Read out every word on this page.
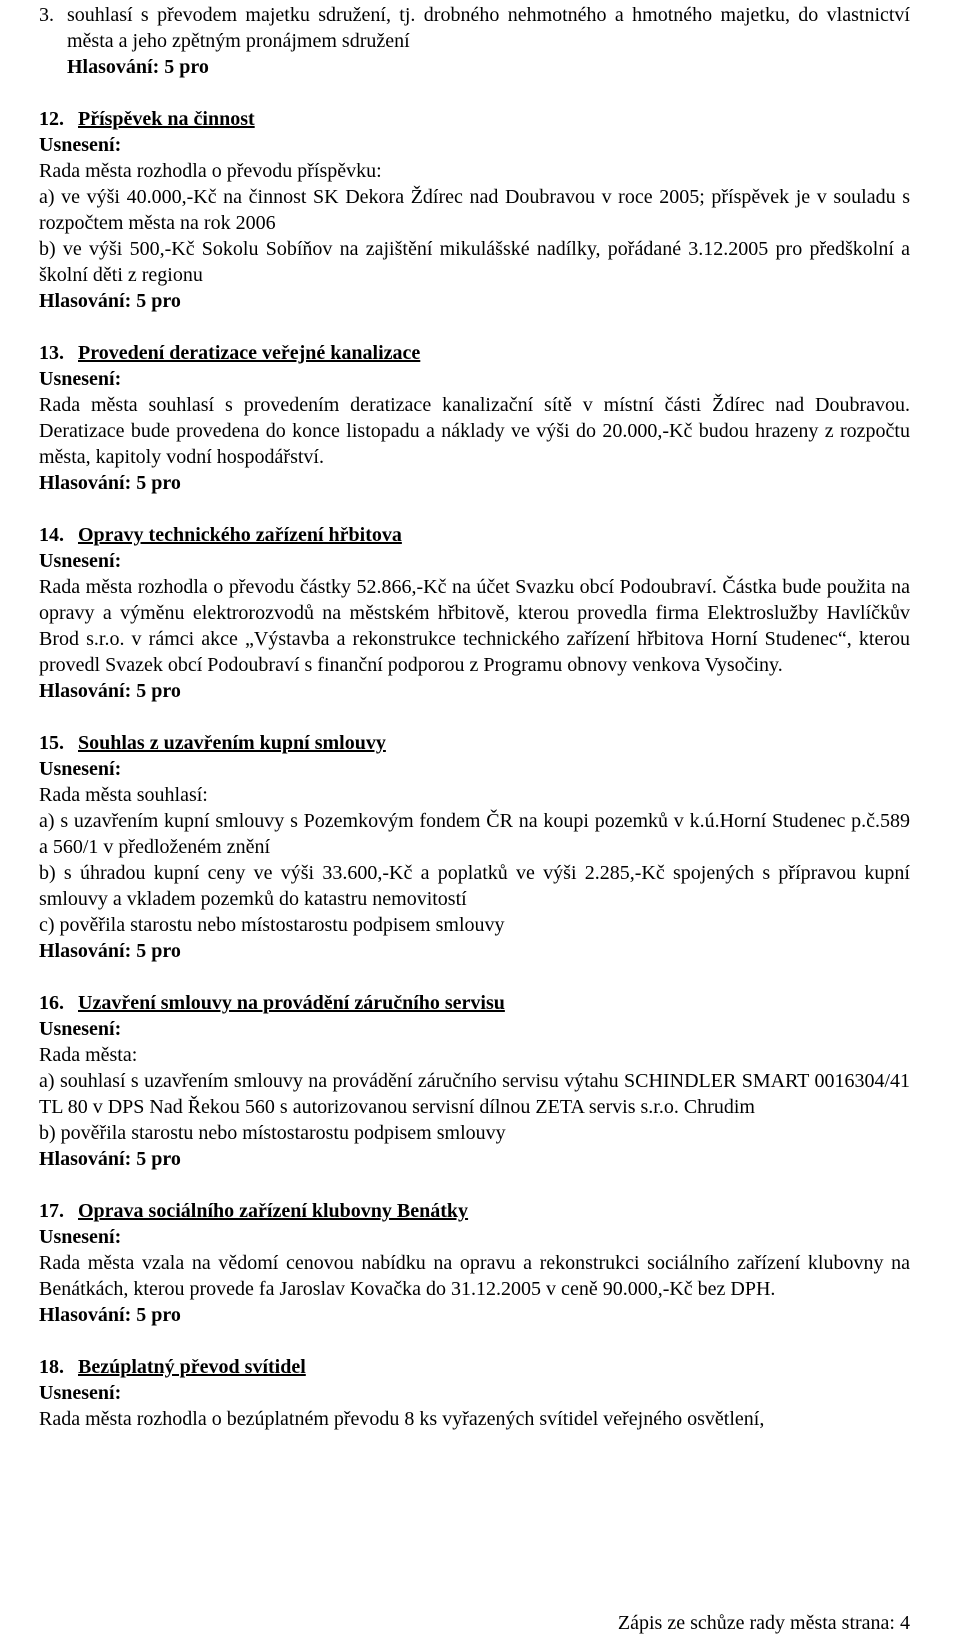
3. souhlasí s převodem majetku sdružení, tj. drobného nehmotného a hmotného majetku, do vlastnictví města a jeho zpětným pronájmem sdružení
Hlasování: 5 pro
12. Příspěvek na činnost
Usnesení:
Rada města rozhodla o převodu příspěvku:
a) ve výši 40.000,-Kč na činnost SK Dekora Ždírec nad Doubravou v roce 2005; příspěvek je v souladu s rozpočtem města na rok 2006
b) ve výši 500,-Kč Sokolu Sobíňov na zajištění mikulášské nadílky, pořádané 3.12.2005 pro předškolní a školní děti z regionu
Hlasování: 5 pro
13. Provedení deratizace veřejné kanalizace
Usnesení:
Rada města souhlasí s provedením deratizace kanalizační sítě v místní části Ždírec nad Doubravou. Deratizace bude provedena do konce listopadu a náklady ve výši do 20.000,-Kč budou hrazeny z rozpočtu města, kapitoly vodní hospodářství.
Hlasování: 5 pro
14. Opravy technického zařízení hřbitova
Usnesení:
Rada města rozhodla o převodu částky 52.866,-Kč na účet Svazku obcí Podoubraví. Částka bude použita na opravy a výměnu elektrorozvodů na městském hřbitově, kterou provedla firma Elektroslužby Havlíčkův Brod s.r.o. v rámci akce „Výstavba a rekonstrukce technického zařízení hřbitova Horní Studenec“, kterou provedl Svazek obcí Podoubraví s finanční podporou z Programu obnovy venkova Vysočiny.
Hlasování: 5 pro
15. Souhlas z uzavřením kupní smlouvy
Usnesení:
Rada města souhlasí:
a) s uzavřením kupní smlouvy s Pozemkovým fondem ČR na koupi pozemků v k.ú.Horní Studenec p.č.589 a 560/1 v předloženém znění
b) s úhradou kupní ceny ve výši 33.600,-Kč a poplatků ve výši 2.285,-Kč spojených s přípravou kupní smlouvy a vkladem pozemků do katastru nemovitostí
c) pověřila starostu nebo místostarostu podpisem smlouvy
Hlasování: 5 pro
16. Uzavření smlouvy na provádění záručního servisu
Usnesení:
Rada města:
a) souhlasí s uzavřením smlouvy na provádění záručního servisu výtahu SCHINDLER SMART 0016304/41 TL 80 v DPS Nad Řekou 560 s autorizovanou servisní dílnou ZETA servis s.r.o. Chrudim
b) pověřila starostu nebo místostarostu podpisem smlouvy
Hlasování: 5 pro
17. Oprava sociálního zařízení klubovny Benátky
Usnesení:
Rada města vzala na vědomí cenovou nabídku na opravu a rekonstrukci sociálního zařízení klubovny na Benátkách, kterou provede fa Jaroslav Kovačka do 31.12.2005 v ceně 90.000,-Kč bez DPH.
Hlasování: 5 pro
18. Bezúplatný převod svítidel
Usnesení:
Rada města rozhodla o bezúplatném převodu 8 ks vyřazených svítidel veřejného osvětlení,
Zápis ze schůze rady města strana: 4
